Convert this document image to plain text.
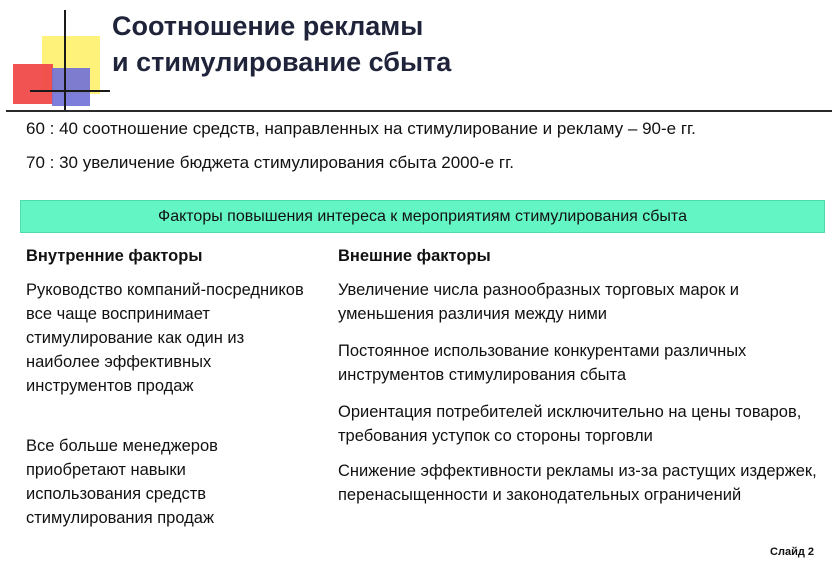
Соотношение рекламы
и стимулирование сбыта

60 : 40 соотношение средств, направленных на стимулирование и рекламу – 90-е гг.

70 : 30 увеличение бюджета стимулирования сбыта 2000-е гг.

Факторы повышения интереса к мероприятиям стимулирования сбыта

Внутренние факторы

Руководство компаний-посредников все чаще воспринимает стимулирование как один из наиболее эффективных инструментов продаж

Все больше менеджеров приобретают навыки использования средств стимулирования продаж

Внешние факторы

Увеличение числа разнообразных торговых марок и уменьшения различия между ними

Постоянное использование конкурентами различных инструментов стимулирования сбыта

Ориентация потребителей исключительно на цены товаров, требования уступок со стороны торговли

Снижение эффективности рекламы из-за растущих издержек, перенасыщенности и законодательных ограничений

Слайд 2
